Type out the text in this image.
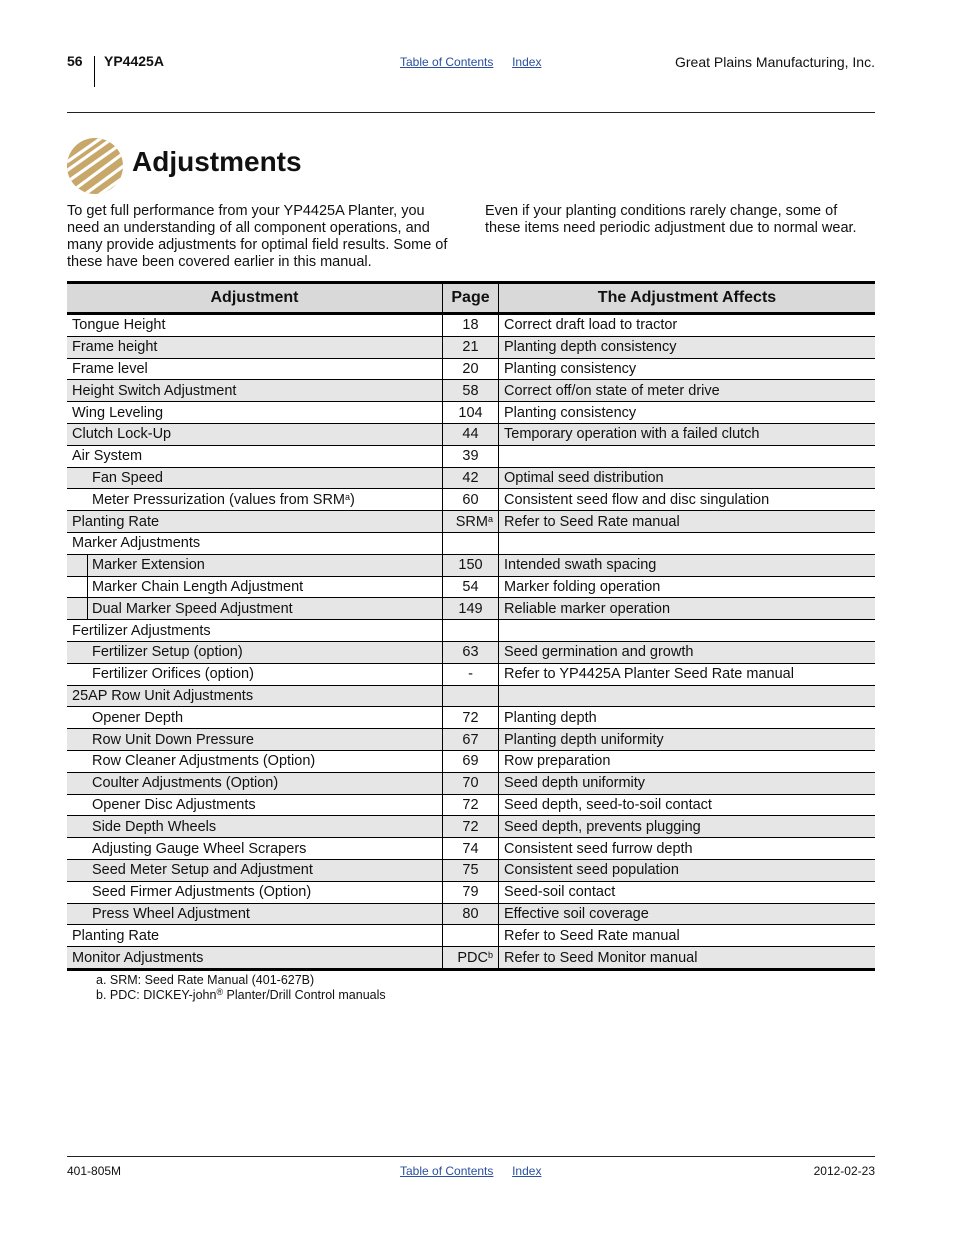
56 YP4425A	Table of Contents Index	Great Plains Manufacturing, Inc.
Adjustments
To get full performance from your YP4425A Planter, you need an understanding of all component operations, and many provide adjustments for optimal field results. Some of these have been covered earlier in this manual.
Even if your planting conditions rarely change, some of these items need periodic adjustment due to normal wear.
Adjustment	Page	The Adjustment Affects
Tongue Height	18	Correct draft load to tractor
Frame height	21	Planting depth consistency
Frame level	20	Planting consistency
Height Switch Adjustment	58	Correct off/on state of meter drive
Wing Leveling	104	Planting consistency
Clutch Lock-Up	44	Temporary operation with a failed clutch
Air System	39	
Fan Speed	42	Optimal seed distribution
Meter Pressurization (values from SRM$^a$)	60	Consistent seed flow and disc singulation
Planting Rate	SRM$^a$	Refer to Seed Rate manual
Marker Adjustments		
Marker Extension	150	Intended swath spacing
Marker Chain Length Adjustment	54	Marker folding operation
Dual Marker Speed Adjustment	149	Reliable marker operation
Fertilizer Adjustments		
Fertilizer Setup (option)	63	Seed germination and growth
Fertilizer Orifices (option)	-	Refer to YP4425A Planter Seed Rate manual
25AP Row Unit Adjustments		
Opener Depth	72	Planting depth
Row Unit Down Pressure	67	Planting depth uniformity
Row Cleaner Adjustments (Option)	69	Row preparation
Coulter Adjustments (Option)	70	Seed depth uniformity
Opener Disc Adjustments	72	Seed depth, seed-to-soil contact
Side Depth Wheels	72	Seed depth, prevents plugging
Adjusting Gauge Wheel Scrapers	74	Consistent seed furrow depth
Seed Meter Setup and Adjustment	75	Consistent seed population
Seed Firmer Adjustments (Option)	79	Seed-soil contact
Press Wheel Adjustment	80	Effective soil coverage
Planting Rate		Refer to Seed Rate manual
Monitor Adjustments	PDC$^b$	Refer to Seed Monitor manual
a. SRM: Seed Rate Manual (401-627B)
b. PDC: DICKEY-john® Planter/Drill Control manuals
401-805M	Table of Contents Index	2012-02-23
